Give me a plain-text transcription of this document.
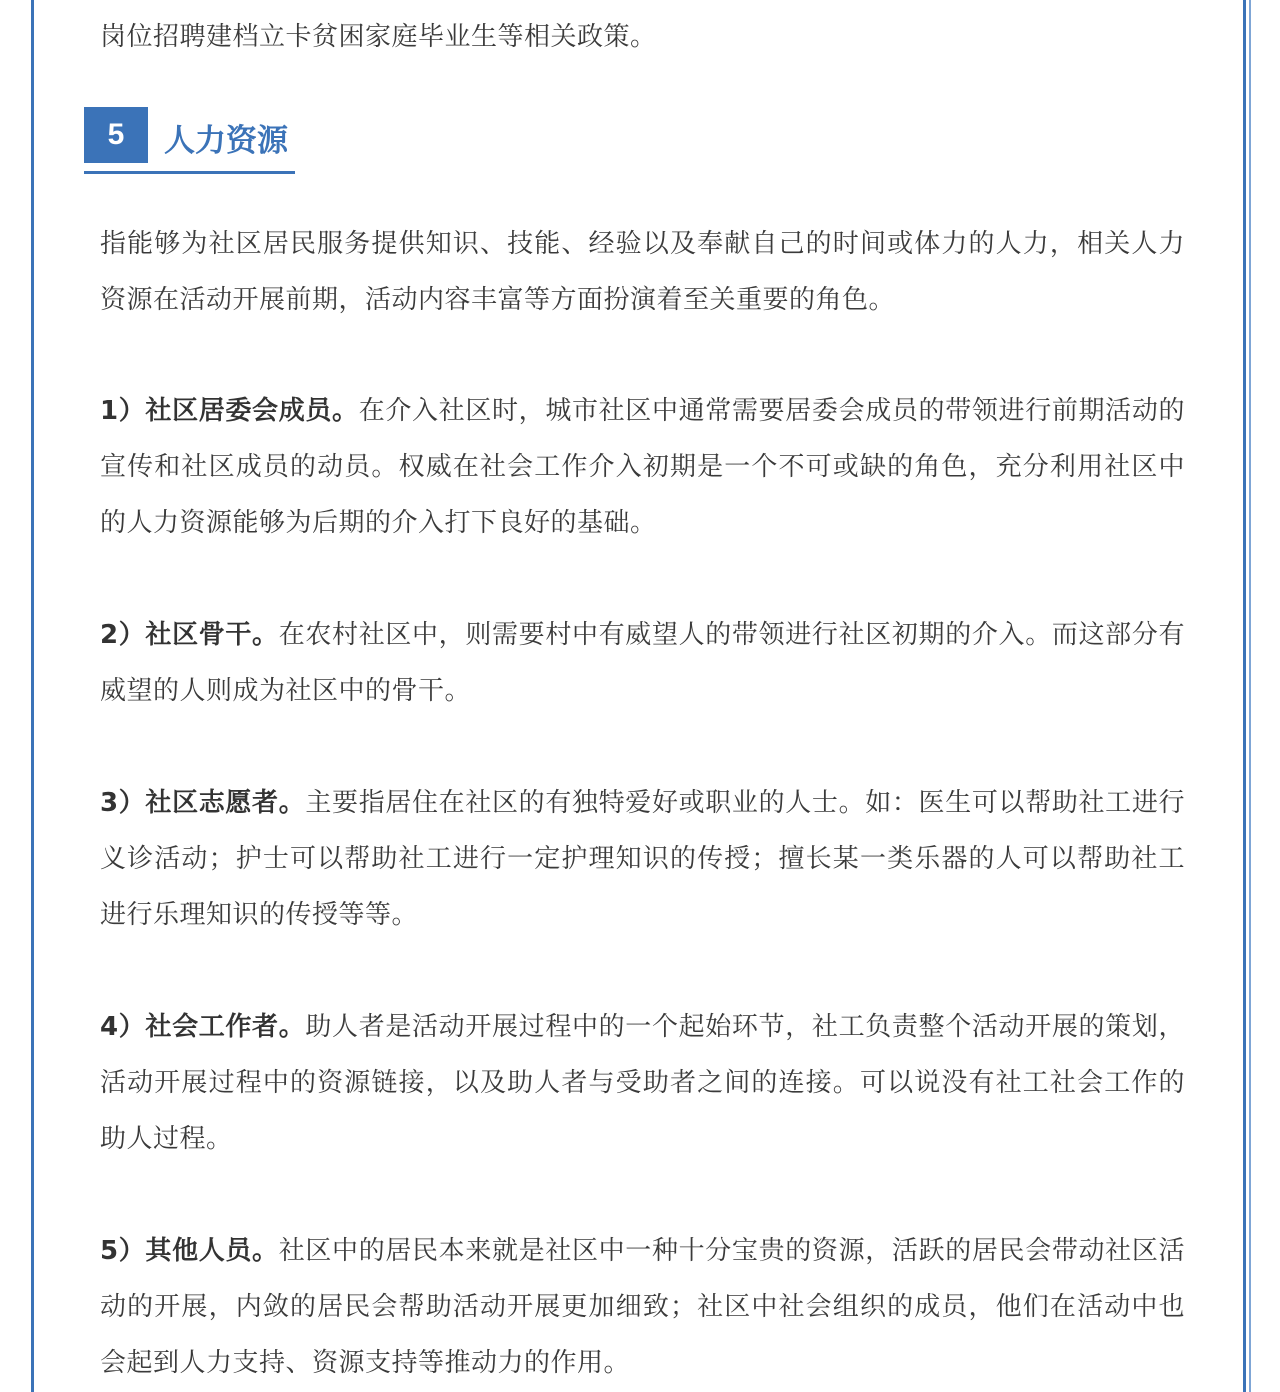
岗位招聘建档立卡贫困家庭毕业生等相关政策。

5	人力资源

指能够为社区居民服务提供知识、技能、经验以及奉献自己的时间或体力的人力，相关人力资源在活动开展前期，活动内容丰富等方面扮演着至关重要的角色。

1）社区居委会成员。在介入社区时，城市社区中通常需要居委会成员的带领进行前期活动的宣传和社区成员的动员。权威在社会工作介入初期是一个不可或缺的角色，充分利用社区中的人力资源能够为后期的介入打下良好的基础。

2）社区骨干。在农村社区中，则需要村中有威望人的带领进行社区初期的介入。而这部分有威望的人则成为社区中的骨干。

3）社区志愿者。主要指居住在社区的有独特爱好或职业的人士。如：医生可以帮助社工进行义诊活动；护士可以帮助社工进行一定护理知识的传授；擅长某一类乐器的人可以帮助社工进行乐理知识的传授等等。

4）社会工作者。助人者是活动开展过程中的一个起始环节，社工负责整个活动开展的策划，活动开展过程中的资源链接，以及助人者与受助者之间的连接。可以说没有社工社会工作的助人过程。

5）其他人员。社区中的居民本来就是社区中一种十分宝贵的资源，活跃的居民会带动社区活动的开展，内敛的居民会帮助活动开展更加细致；社区中社会组织的成员，他们在活动中也会起到人力支持、资源支持等推动力的作用。
